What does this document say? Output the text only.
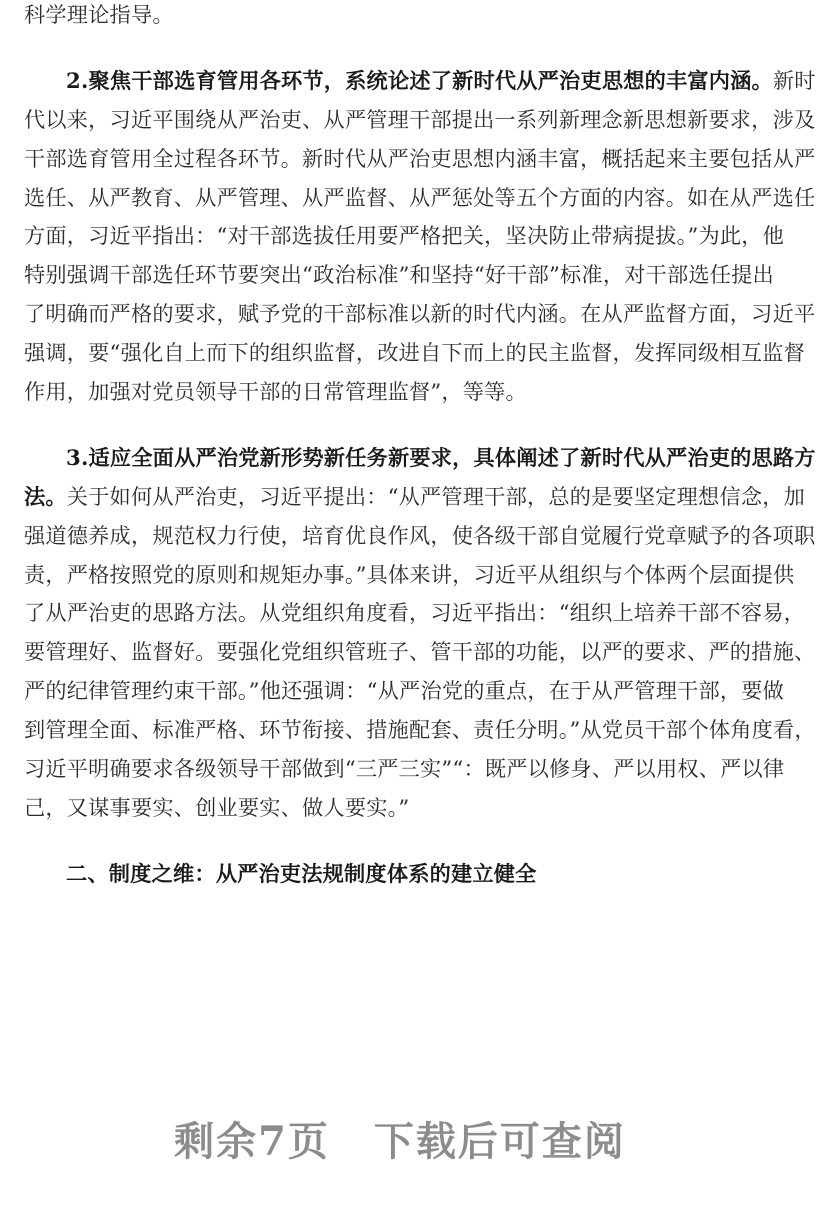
科学理论指导。
2.聚焦干部选育管用各环节，系统论述了新时代从严治吏思想的丰富内涵。新时
代以来，习近平围绕从严治吏、从严管理干部提出一系列新理念新思想新要求，涉及
干部选育管用全过程各环节。新时代从严治吏思想内涵丰富，概括起来主要包括从严
选任、从严教育、从严管理、从严监督、从严惩处等五个方面的内容。如在从严选任
方面，习近平指出：“对干部选拔任用要严格把关，坚决防止带病提拔。”为此，他
特别强调干部选任环节要突出“政治标准”和坚持“好干部”标准，对干部选任提出
了明确而严格的要求，赋予党的干部标准以新的时代内涵。在从严监督方面，习近平
强调，要“强化自上而下的组织监督，改进自下而上的民主监督，发挥同级相互监督
作用，加强对党员领导干部的日常管理监督”，等等。
3.适应全面从严治党新形势新任务新要求，具体阐述了新时代从严治吏的思路方
法。关于如何从严治吏，习近平提出：“从严管理干部，总的是要坚定理想信念，加
强道德养成，规范权力行使，培育优良作风，使各级干部自觉履行党章赋予的各项职
责，严格按照党的原则和规矩办事。”具体来讲，习近平从组织与个体两个层面提供
了从严治吏的思路方法。从党组织角度看，习近平指出：“组织上培养干部不容易，
要管理好、监督好。要强化党组织管班子、管干部的功能，以严的要求、严的措施、
严的纪律管理约束干部。”他还强调：“从严治党的重点，在于从严管理干部，要做
到管理全面、标准严格、环节衔接、措施配套、责任分明。”从党员干部个体角度看，
习近平明确要求各级领导干部做到“三严三实”“：既严以修身、严以用权、严以律
己，又谋事要实、创业要实、做人要实。”
二、制度之维：从严治吏法规制度体系的建立健全
剩余7页 下载后可查阅
